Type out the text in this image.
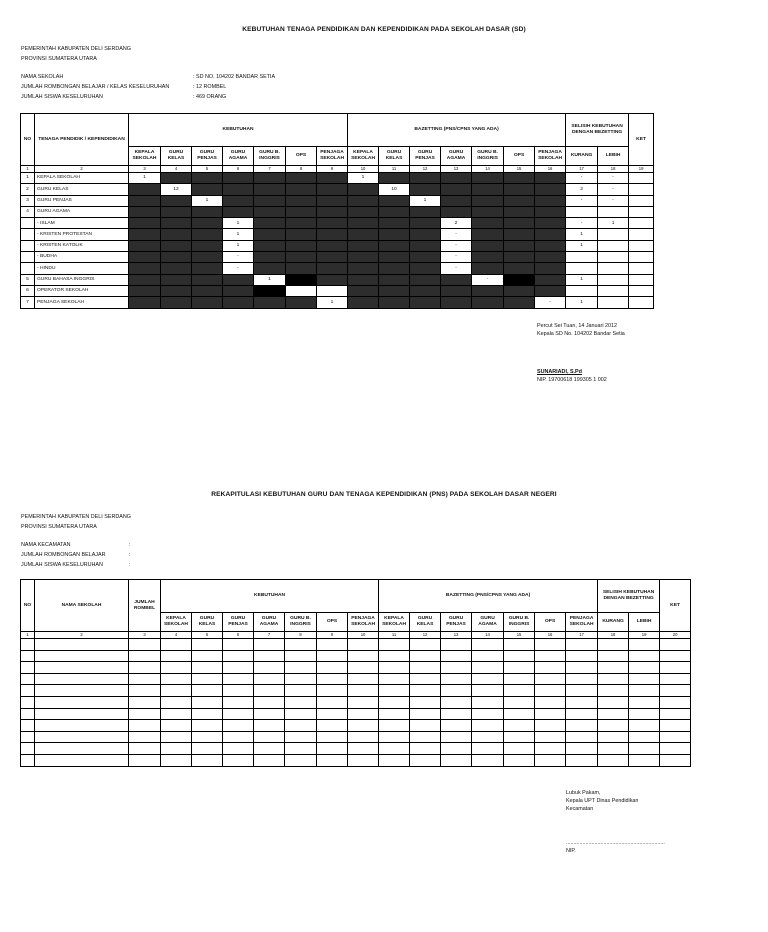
KEBUTUHAN TENAGA PENDIDIKAN DAN KEPENDIDIKAN PADA SEKOLAH DASAR (SD)
PEMERINTAH KABUPATEN DELI SERDANG
PROVINSI SUMATERA UTARA
NAMA SEKOLAH	: SD NO. 104202 BANDAR SETIA
JUMLAH ROMBONGAN BELAJAR / KELAS KESELURUHAN	: 12 ROMBEL
JUMLAH SISWA KESELURUHAN	: 469 ORANG
NO	TENAGA PENDIDIK / KEPENDIDIKAN	KEBUTUHAN							BAZETTING (PNS/CPNS YANG ADA)							SELISIH KEBUTUHAN DENGAN BEZETTING		KET
		KEPALA SEKOLAH	GURU KELAS	GURU PENJAS	GURU AGAMA	GURU B. INGGRIS	OPS	PENJAGA SEKOLAH	KEPALA SEKOLAH	GURU KELAS	GURU PENJAS	GURU AGAMA	GURU B. INGGRIS	OPS	PENJAGA SEKOLAH	KURANG	LEBIH	
1	2	3	4	5	6	7	8	9	10	11	12	13	14	15	16	17	18	19
1	KEPALA SEKOLAH	1							1							-	-	
2	GURU KELAS		12							10						2	-	
3	GURU PENJAS			1							1					-	-	
4	GURU AGAMA																	
	- ISLAM				1							2				-	1	
	- KRISTEN PROTESTAN				1							-				1		
	- KRISTEN KATOLIK				1							-				1		
	- BUDHA				-							-						
	- HINDU				-							-						
5	GURU BAHASA INGGRIS					1							-			1		
6	OPERATOR SEKOLAH																	
7	PENJAGA SEKOLAH							1							-	1		
Percut Sei Tuan, 14 Januari 2012
Kepala SD No. 104202 Bandar Setia
SUNARIADI, S.Pd
NIP. 19700618 199305 1 002
REKAPITULASI KEBUTUHAN GURU DAN TENAGA KEPENDIDIKAN (PNS) PADA SEKOLAH DASAR NEGERI
PEMERINTAH KABUPATEN DELI SERDANG
PROVINSI SUMATERA UTARA
NAMA KECAMATAN	:
JUMLAH ROMBONGAN BELAJAR	:
JUMLAH SISWA KESELURUHAN	:
NO	NAMA SEKOLAH	JUMLAH ROMBEL	KEBUTUHAN							BAZETTING (PNS/CPNS YANG ADA)							SELISIH KEBUTUHAN DENGAN BEZETTING		KET
			KEPALA SEKOLAH	GURU KELAS	GURU PENJAS	GURU AGAMA	GURU B. INGGRIS	OPS	PENJAGA SEKOLAH	KEPALA SEKOLAH	GURU KELAS	GURU PENJAS	GURU AGAMA	GURU B. INGGRIS	OPS	PENJAGA SEKOLAH	KURANG	LEBIH	
1	2	3	4	5	6	7	8	9	10	11	12	13	14	15	16	17	18	19	20

Lubuk Pakam,
Kepala UPT Dinas Pendidikan
Kecamatan
..................................................................
NIP.
